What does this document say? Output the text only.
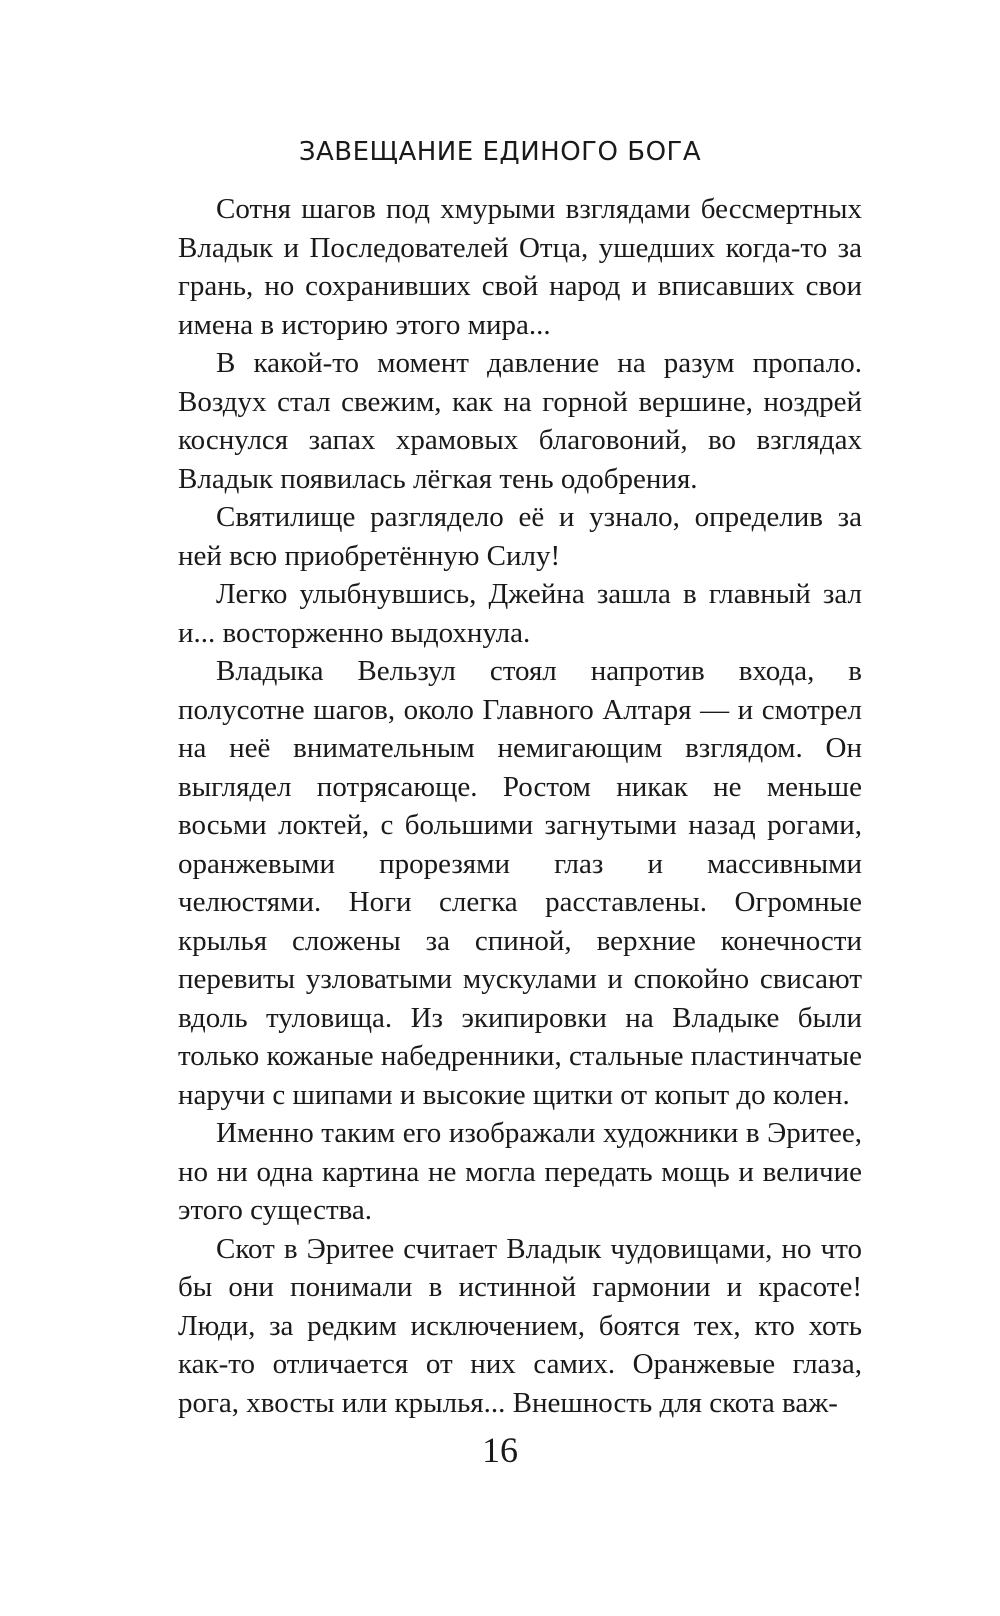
ЗАВЕЩАНИЕ ЕДИНОГО БОГА

Сотня шагов под хмурыми взглядами бессмертных Владык и Последователей Отца, ушедших когда-то за грань, но сохранивших свой народ и вписавших свои имена в историю этого мира...

В какой-то момент давление на разум пропало. Воздух стал свежим, как на горной вершине, ноздрей коснулся запах храмовых благовоний, во взглядах Владык появилась лёгкая тень одобрения.

Святилище разглядело её и узнало, определив за ней всю приобретённую Силу!

Легко улыбнувшись, Джейна зашла в главный зал и... восторженно выдохнула.

Владыка Вельзул стоял напротив входа, в полусотне шагов, около Главного Алтаря — и смотрел на неё внимательным немигающим взглядом. Он выглядел потрясающе. Ростом никак не меньше восьми локтей, с большими загнутыми назад рогами, оранжевыми прорезями глаз и массивными челюстями. Ноги слегка расставлены. Огромные крылья сложены за спиной, верхние конечности перевиты узловатыми мускулами и спокойно свисают вдоль туловища. Из экипировки на Владыке были только кожаные набедренники, стальные пластинчатые наручи с шипами и высокие щитки от копыт до колен.

Именно таким его изображали художники в Эритее, но ни одна картина не могла передать мощь и величие этого существа.

Скот в Эритее считает Владык чудовищами, но что бы они понимали в истинной гармонии и красоте! Люди, за редким исключением, боятся тех, кто хоть как-то отличается от них самих. Оранжевые глаза, рога, хвосты или крылья... Внешность для скота важ-

16
